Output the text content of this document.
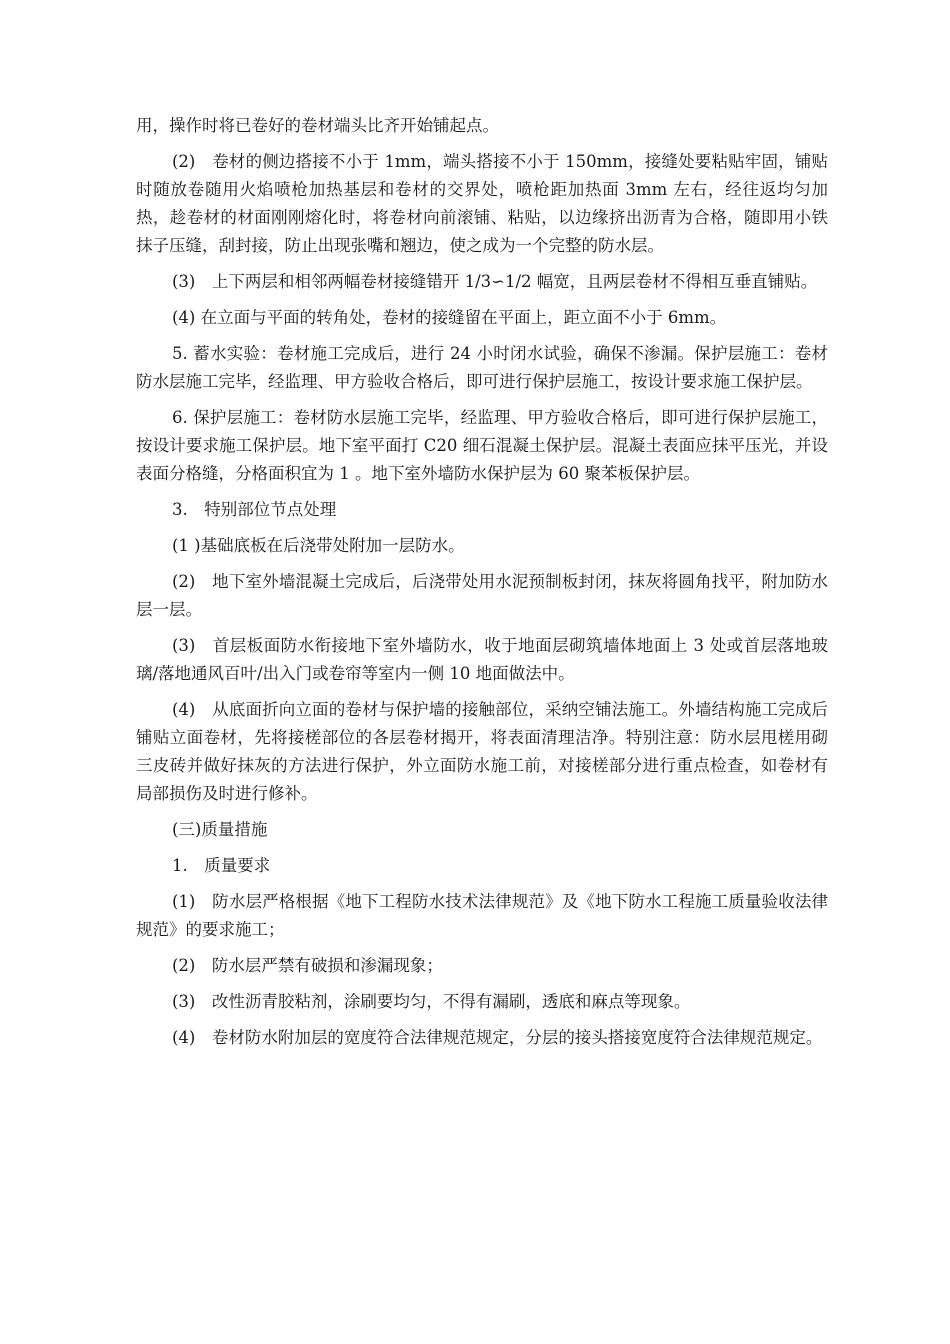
用，操作时将已卷好的卷材端头比齐开始铺起点。

(2)　卷材的侧边搭接不小于 1mm，端头搭接不小于 150mm，接缝处要粘贴牢固，铺贴时随放卷随用火焰喷枪加热基层和卷材的交界处，喷枪距加热面 3mm 左右，经往返均匀加热，趁卷材的材面刚刚熔化时，将卷材向前滚铺、粘贴，以边缘挤出沥青为合格，随即用小铁抹子压缝，刮封接，防止出现张嘴和翘边，使之成为一个完整的防水层。

(3)　上下两层和相邻两幅卷材接缝错开 1/3∽1/2 幅宽，且两层卷材不得相互垂直铺贴。

(4) 在立面与平面的转角处，卷材的接缝留在平面上，距立面不小于 6mm。

5. 蓄水实验：卷材施工完成后，进行 24 小时闭水试验，确保不渗漏。保护层施工：卷材防水层施工完毕，经监理、甲方验收合格后，即可进行保护层施工，按设计要求施工保护层。

6. 保护层施工：卷材防水层施工完毕，经监理、甲方验收合格后，即可进行保护层施工，按设计要求施工保护层。地下室平面打 C20 细石混凝土保护层。混凝土表面应抹平压光，并设表面分格缝，分格面积宜为 1 。地下室外墙防水保护层为 60 聚苯板保护层。

3.　特别部位节点处理

(1 )基础底板在后浇带处附加一层防水。

(2)　地下室外墙混凝土完成后，后浇带处用水泥预制板封闭，抹灰将圆角找平，附加防水层一层。

(3)　首层板面防水衔接地下室外墙防水，收于地面层砌筑墙体地面上 3 处或首层落地玻璃/落地通风百叶/出入门或卷帘等室内一侧 10 地面做法中。

(4)　从底面折向立面的卷材与保护墙的接触部位，采纳空铺法施工。外墙结构施工完成后铺贴立面卷材，先将接槎部位的各层卷材揭开，将表面清理洁净。特别注意：防水层甩槎用砌三皮砖并做好抹灰的方法进行保护，外立面防水施工前，对接槎部分进行重点检查，如卷材有局部损伤及时进行修补。

(三)质量措施

1.　质量要求

(1)　防水层严格根据《地下工程防水技术法律规范》及《地下防水工程施工质量验收法律规范》的要求施工；

(2)　防水层严禁有破损和渗漏现象；

(3)　改性沥青胶粘剂，涂刷要均匀，不得有漏刷，透底和麻点等现象。

(4)　卷材防水附加层的宽度符合法律规范规定，分层的接头搭接宽度符合法律规范规定。
